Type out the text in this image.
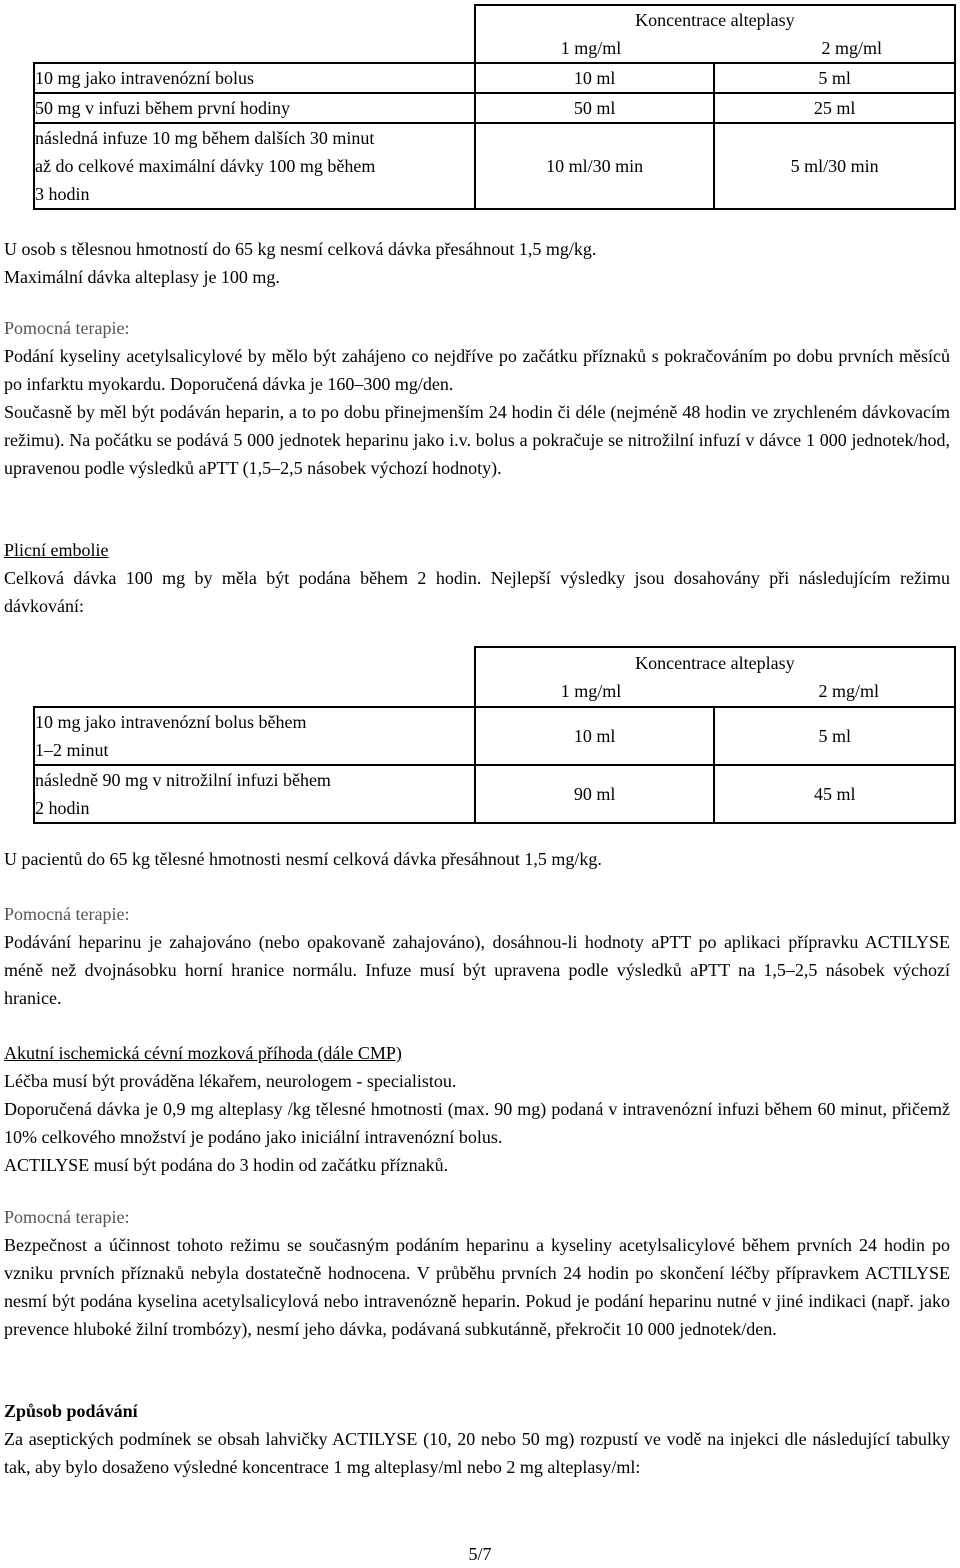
	Koncentrace alteplasy
1 mg/ml 2 mg/ml	

10 mg jako intravenózní bolus	10 ml	5 ml
50 mg v infuzi během první hodiny	50 ml	25 ml

následná infuze 10 mg během dalších 30 minut
až do celkové maximální dávky 100 mg během
3 hodin	10 ml/30 min	5 ml/30 min

U osob s tělesnou hmotností do 65 kg nesmí celková dávka přesáhnout 1,5 mg/kg.

Maximální dávka alteplasy je 100 mg.

Pomocná terapie:

Podání kyseliny acetylsalicylové by mělo být zahájeno co nejdříve po začátku příznaků s pokračováním po dobu prvních měsíců po infarktu myokardu. Doporučená dávka je 160–300 mg/den.

Současně by měl být podáván heparin, a to po dobu přinejmenším 24 hodin či déle (nejméně 48 hodin ve zrychleném dávkovacím režimu). Na počátku se podává 5 000 jednotek heparinu jako i.v. bolus a pokračuje se nitrožilní infuzí v dávce 1 000 jednotek/hod, upravenou podle výsledků aPTT (1,5–2,5 násobek výchozí hodnoty).

Plicní embolie

Celková dávka 100 mg by měla být podána během 2 hodin. Nejlepší výsledky jsou dosahovány při následujícím režimu dávkování:

	Koncentrace alteplasy
1 mg/ml 2 mg/ml	

10 mg jako intravenózní bolus během
1–2 minut	10 ml	5 ml

následně 90 mg v nitrožilní infuzi během
2 hodin	90 ml	45 ml

U pacientů do 65 kg tělesné hmotnosti nesmí celková dávka přesáhnout 1,5 mg/kg.

Pomocná terapie:

Podávání heparinu je zahajováno (nebo opakovaně zahajováno), dosáhnou-li hodnoty aPTT po aplikaci přípravku ACTILYSE méně než dvojnásobku horní hranice normálu. Infuze musí být upravena podle výsledků aPTT na 1,5–2,5 násobek výchozí hranice.

Akutní ischemická cévní mozková příhoda (dále CMP)

Léčba musí být prováděna lékařem, neurologem - specialistou.

Doporučená dávka je 0,9 mg alteplasy /kg tělesné hmotnosti (max. 90 mg) podaná v intravenózní infuzi během 60 minut, přičemž 10% celkového množství je podáno jako iniciální intravenózní bolus.

ACTILYSE musí být podána do 3 hodin od začátku příznaků.

Pomocná terapie:

Bezpečnost a účinnost tohoto režimu se současným podáním heparinu a kyseliny acetylsalicylové během prvních 24 hodin po vzniku prvních příznaků nebyla dostatečně hodnocena. V průběhu prvních 24 hodin po skončení léčby přípravkem ACTILYSE nesmí být podána kyselina acetylsalicylová nebo intravenózně heparin. Pokud je podání heparinu nutné v jiné indikaci (např. jako prevence hluboké žilní trombózy), nesmí jeho dávka, podávaná subkutánně, překročit 10 000 jednotek/den.

Způsob podávání

Za aseptických podmínek se obsah lahvičky ACTILYSE (10, 20 nebo 50 mg) rozpustí ve vodě na injekci dle následující tabulky tak, aby bylo dosaženo výsledné koncentrace 1 mg alteplasy/ml nebo 2 mg alteplasy/ml:

5/7
